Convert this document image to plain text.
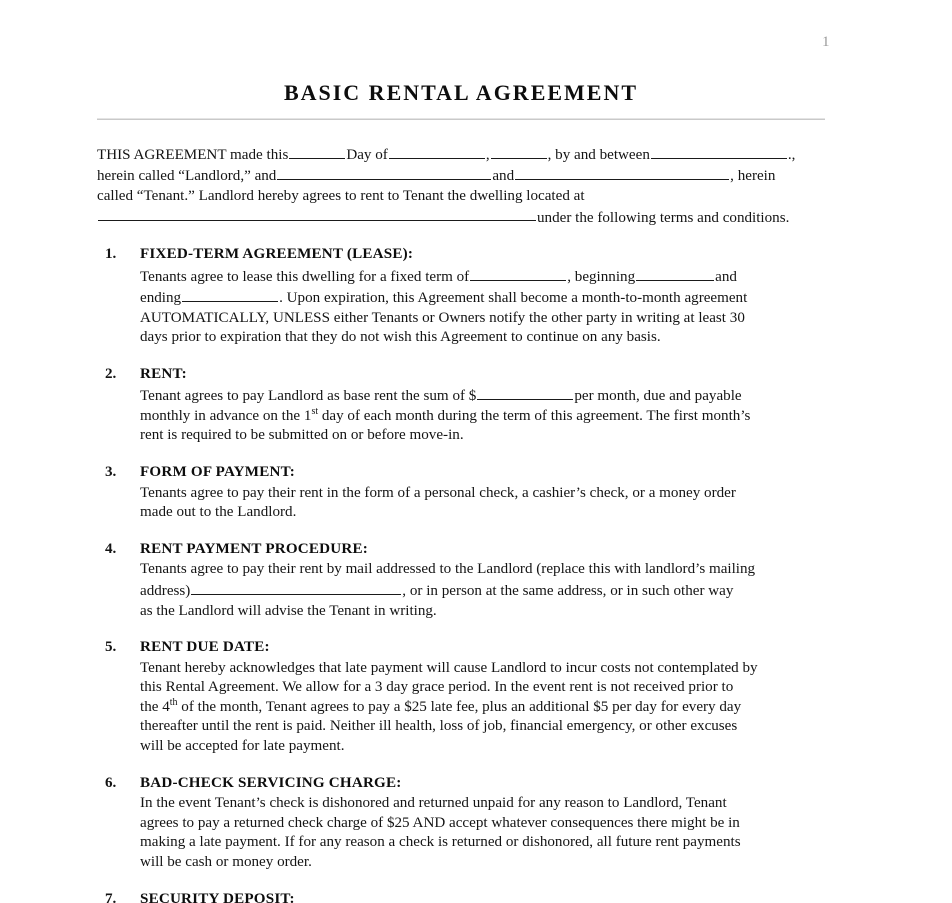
1
BASIC RENTAL AGREEMENT

THIS AGREEMENT made this	Day of	,	, by and between	.,

herein called “Landlord,” and	and	, herein

called “Tenant.” Landlord hereby agrees to rent to Tenant the dwelling located at

under the following terms and conditions.

1. FIXED-TERM AGREEMENT (LEASE):

Tenants agree to lease this dwelling for a fixed term of	, beginning	and

ending	. Upon expiration, this Agreement shall become a month-to-month agreement

AUTOMATICALLY, UNLESS either Tenants or Owners notify the other party in writing at least 30

days prior to expiration that they do not wish this Agreement to continue on any basis.

2. RENT:

Tenant agrees to pay Landlord as base rent the sum of $	per month, due and payable

monthly in advance on the 1st day of each month during the term of this agreement. The first month’s

rent is required to be submitted on or before move-in.

3. FORM OF PAYMENT:

Tenants agree to pay their rent in the form of a personal check, a cashier’s check, or a money order

made out to the Landlord.

4. RENT PAYMENT PROCEDURE:

Tenants agree to pay their rent by mail addressed to the Landlord (replace this with landlord’s mailing

address)	, or in person at the same address, or in such other way

as the Landlord will advise the Tenant in writing.

5. RENT DUE DATE:

Tenant hereby acknowledges that late payment will cause Landlord to incur costs not contemplated by

this Rental Agreement. We allow for a 3 day grace period. In the event rent is not received prior to

the 4th of the month, Tenant agrees to pay a $25 late fee, plus an additional $5 per day for every day

thereafter until the rent is paid. Neither ill health, loss of job, financial emergency, or other excuses

will be accepted for late payment.

6. BAD-CHECK SERVICING CHARGE:

In the event Tenant’s check is dishonored and returned unpaid for any reason to Landlord, Tenant

agrees to pay a returned check charge of $25 AND accept whatever consequences there might be in

making a late payment. If for any reason a check is returned or dishonored, all future rent payments

will be cash or money order.

7. SECURITY DEPOSIT:
